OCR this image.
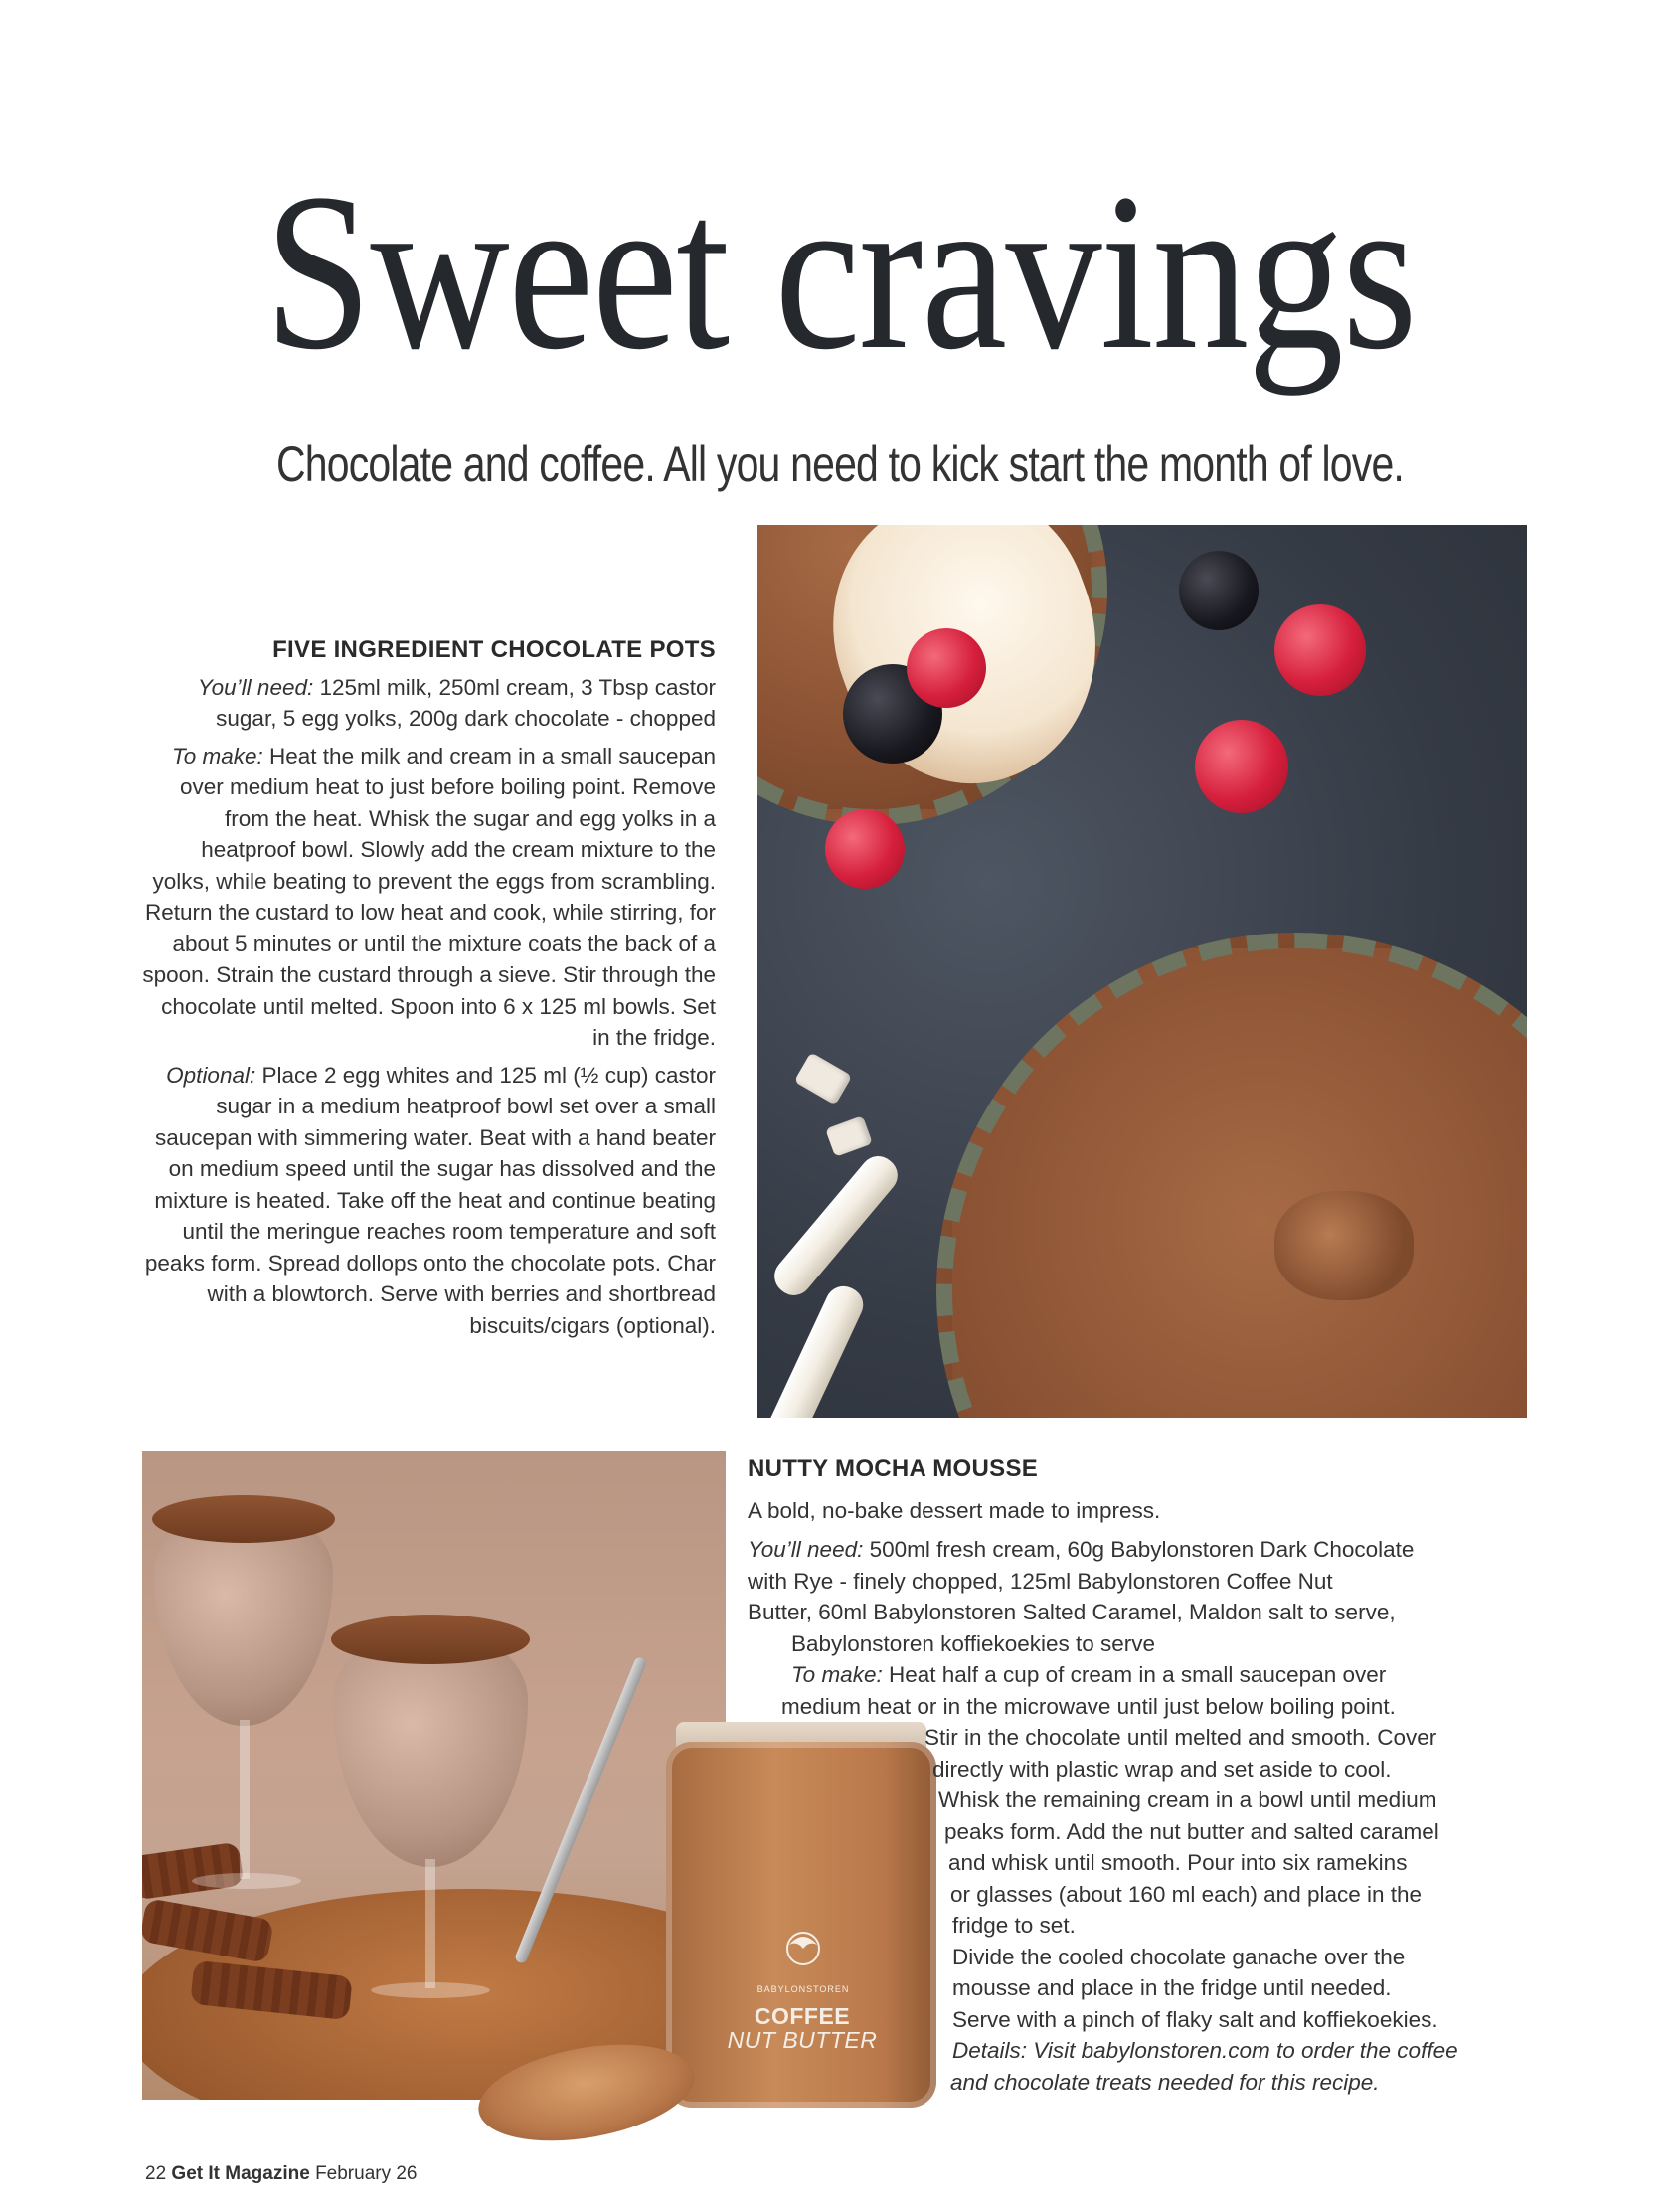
Sweet cravings
Chocolate and coffee. All you need to kick start the month of love.
FIVE INGREDIENT CHOCOLATE POTS

You’ll need: 125ml milk, 250ml cream, 3 Tbsp castor sugar, 5 egg yolks, 200g dark chocolate - chopped

To make: Heat the milk and cream in a small saucepan over medium heat to just before boiling point. Remove from the heat. Whisk the sugar and egg yolks in a heatproof bowl. Slowly add the cream mixture to the yolks, while beating to prevent the eggs from scrambling. Return the custard to low heat and cook, while stirring, for about 5 minutes or until the mixture coats the back of a spoon. Strain the custard through a sieve. Stir through the chocolate until melted. Spoon into 6 x 125 ml bowls. Set in the fridge.

Optional: Place 2 egg whites and 125 ml (½ cup) castor sugar in a medium heatproof bowl set over a small saucepan with simmering water. Beat with a hand beater on medium speed until the sugar has dissolved and the mixture is heated. Take off the heat and continue beating until the meringue reaches room temperature and soft peaks form. Spread dollops onto the chocolate pots. Char with a blowtorch. Serve with berries and shortbread biscuits/cigars (optional).

BABYLONSTOREN
COFFEE
NUT BUTTER
NUTTY MOCHA MOUSSE

A bold, no-bake dessert made to impress.

You’ll need: 500ml fresh cream, 60g Babylonstoren Dark Chocolate
with Rye - finely chopped, 125ml Babylonstoren Coffee Nut
Butter, 60ml Babylonstoren Salted Caramel, Maldon salt to serve,
Babylonstoren koffiekoekies to serve
To make: Heat half a cup of cream in a small saucepan over
medium heat or in the microwave until just below boiling point.
Stir in the chocolate until melted and smooth. Cover
directly with plastic wrap and set aside to cool.
Whisk the remaining cream in a bowl until medium
peaks form. Add the nut butter and salted caramel
and whisk until smooth. Pour into six ramekins
or glasses (about 160 ml each) and place in the
fridge to set.
Divide the cooled chocolate ganache over the
mousse and place in the fridge until needed.
Serve with a pinch of flaky salt and koffiekoekies.
Details: Visit babylonstoren.com to order the coffee
and chocolate treats needed for this recipe.
22 Get It Magazine February 26
